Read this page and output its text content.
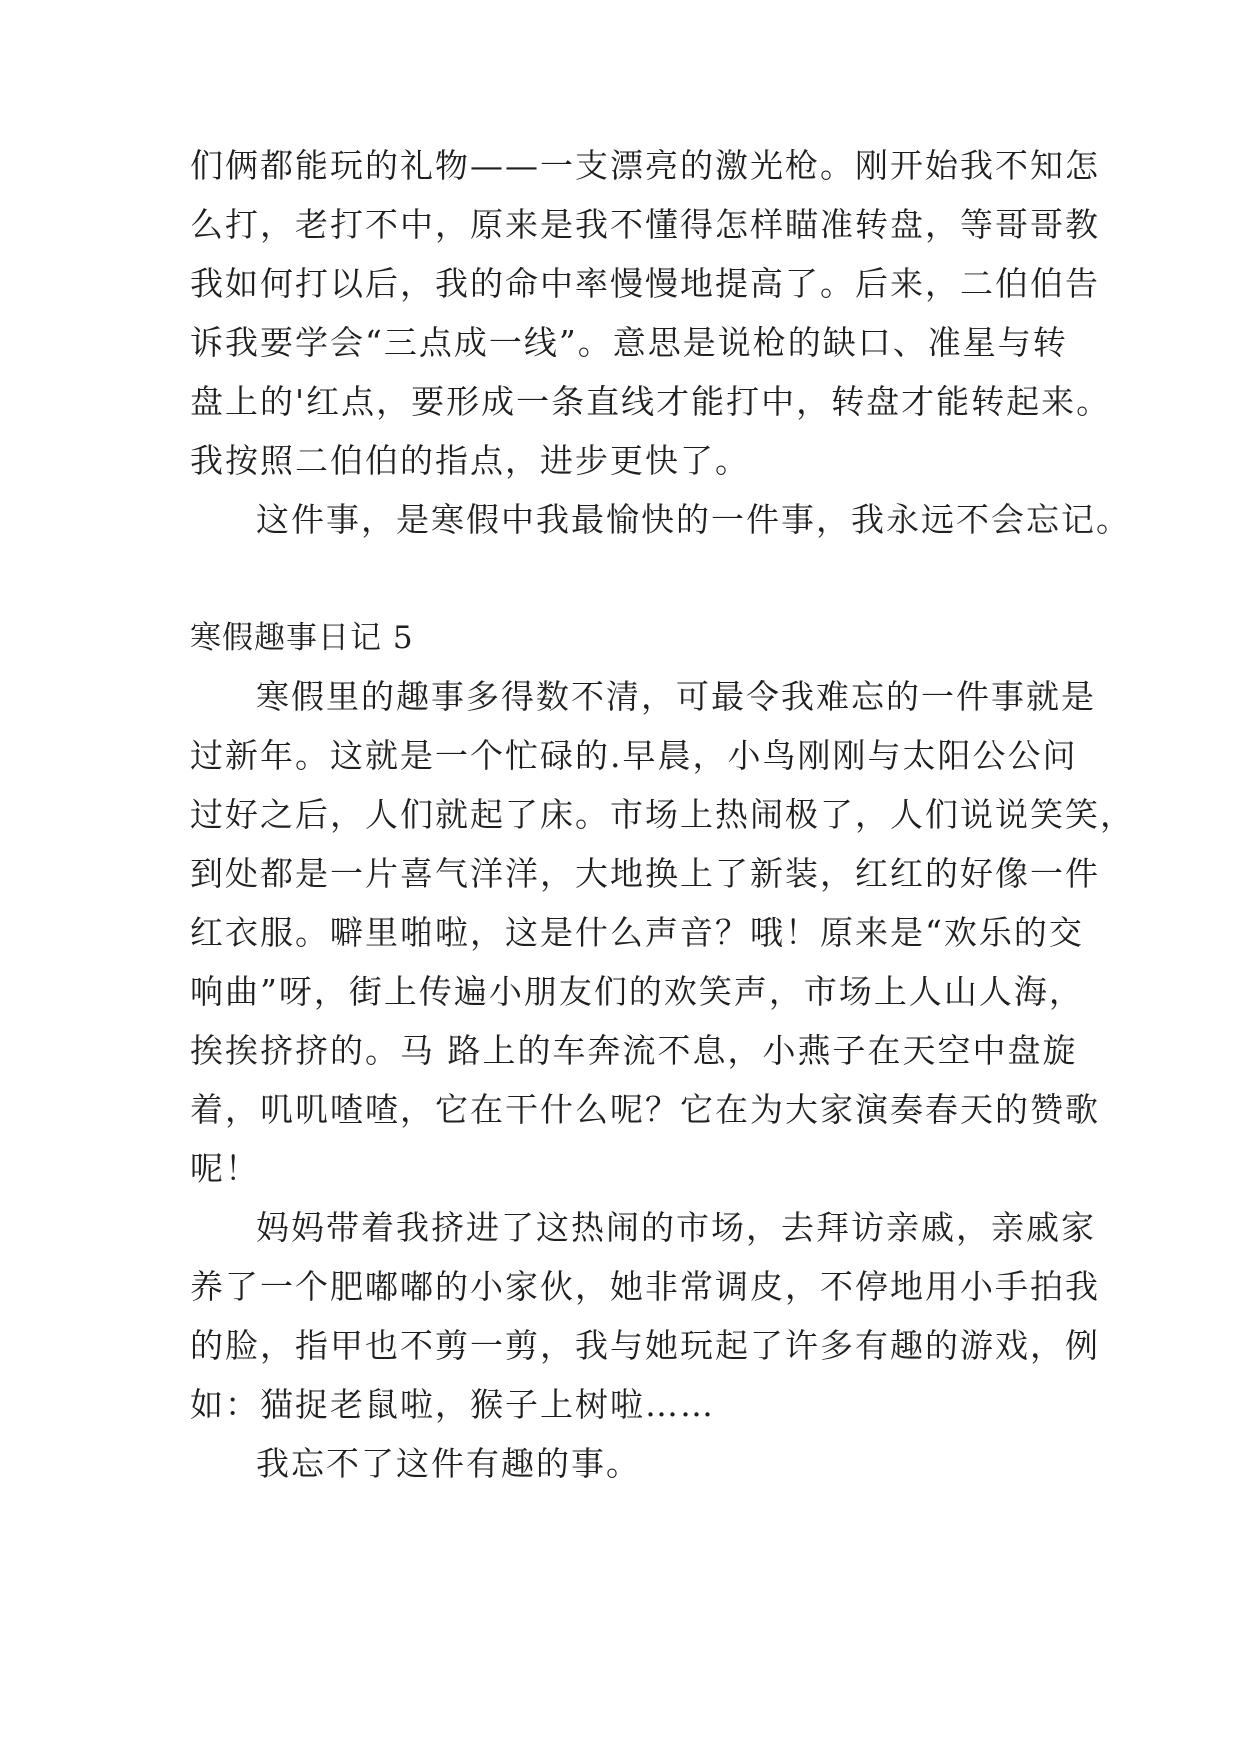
们俩都能玩的礼物——一支漂亮的激光枪。刚开始我不知怎
么打，老打不中，原来是我不懂得怎样瞄准转盘，等哥哥教
我如何打以后，我的命中率慢慢地提高了。后来，二伯伯告
诉我要学会“三点成一线”。意思是说枪的缺口、准星与转
盘上的'红点，要形成一条直线才能打中，转盘才能转起来。
我按照二伯伯的指点，进步更快了。
这件事，是寒假中我最愉快的一件事，我永远不会忘记。
寒假趣事日记 5
寒假里的趣事多得数不清，可最令我难忘的一件事就是
过新年。这就是一个忙碌的.早晨，小鸟刚刚与太阳公公问
过好之后，人们就起了床。市场上热闹极了，人们说说笑笑，
到处都是一片喜气洋洋，大地换上了新装，红红的好像一件
红衣服。噼里啪啦，这是什么声音？哦！原来是“欢乐的交
响曲”呀，街上传遍小朋友们的欢笑声，市场上人山人海，
挨挨挤挤的。马 路上的车奔流不息，小燕子在天空中盘旋
着，叽叽喳喳，它在干什么呢？它在为大家演奏春天的赞歌
呢！
妈妈带着我挤进了这热闹的市场，去拜访亲戚，亲戚家
养了一个肥嘟嘟的小家伙，她非常调皮，不停地用小手拍我
的脸，指甲也不剪一剪，我与她玩起了许多有趣的游戏，例
如：猫捉老鼠啦，猴子上树啦……
我忘不了这件有趣的事。
